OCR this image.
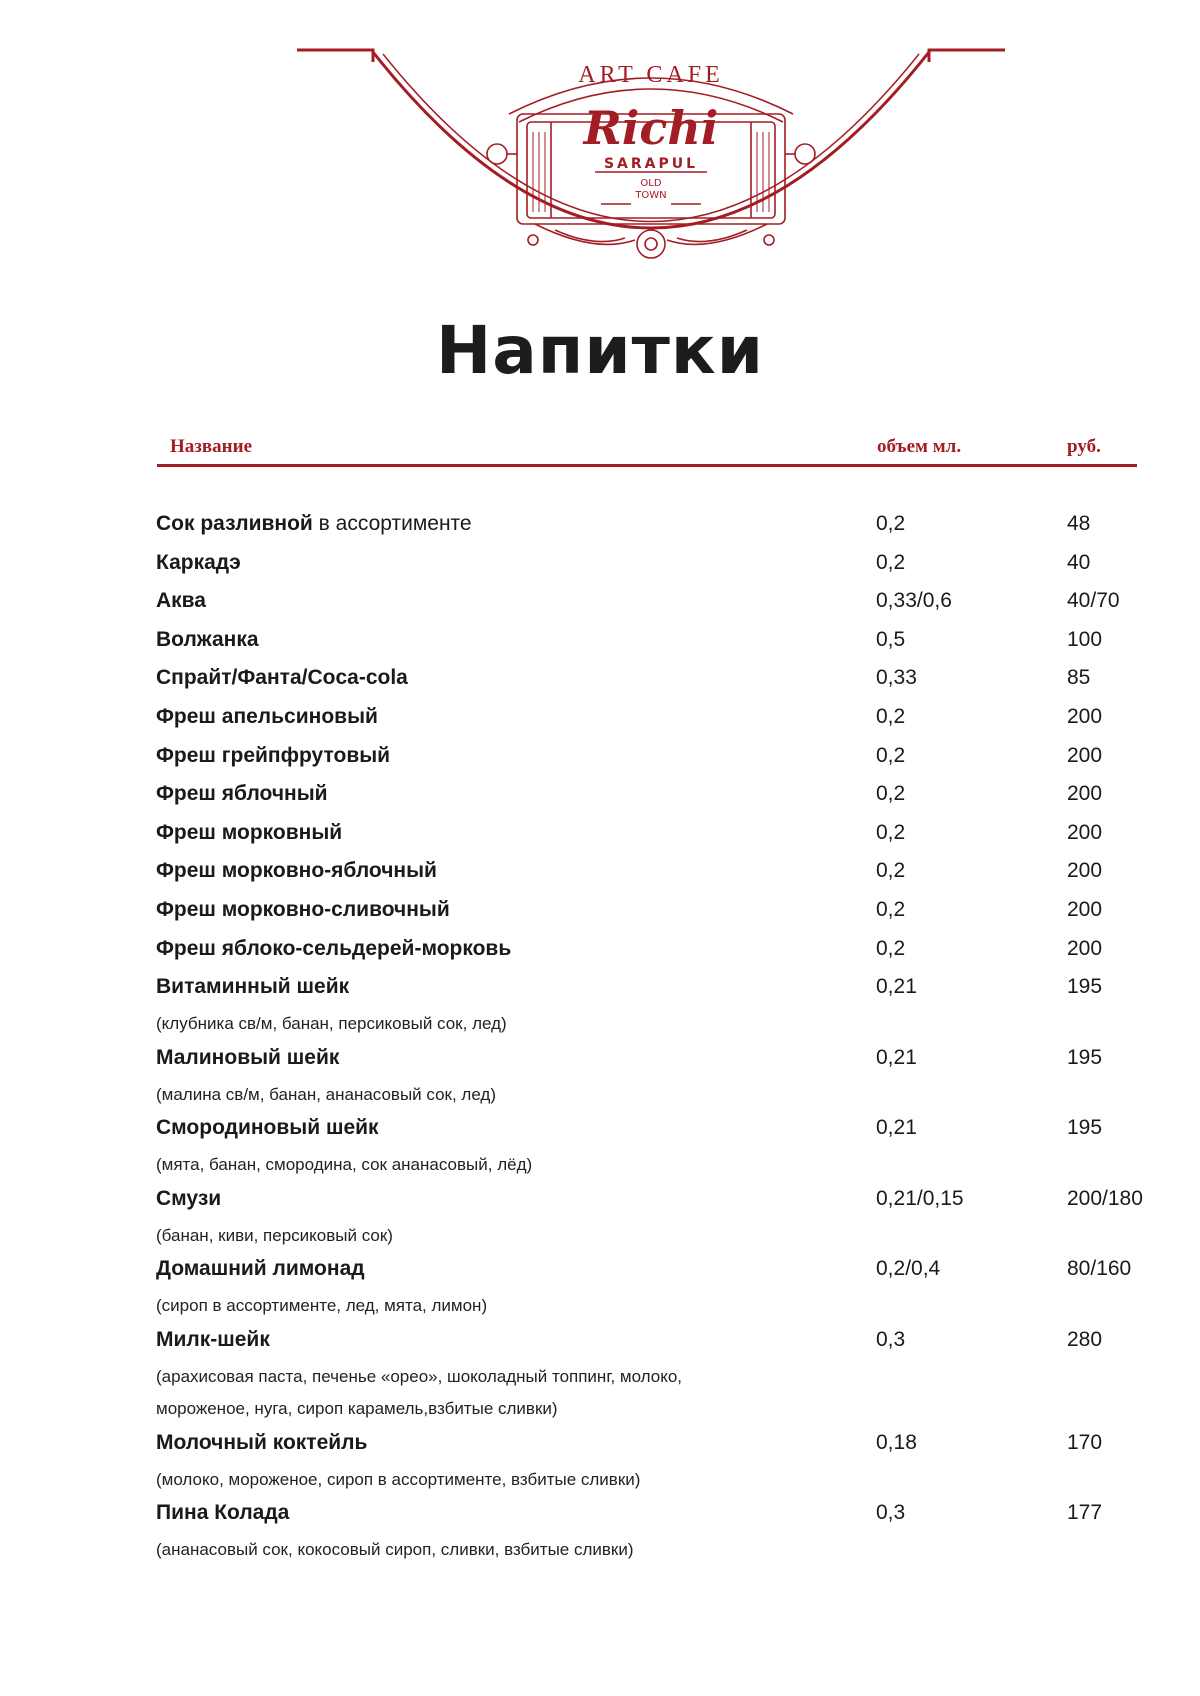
ART CAFE
Richi
SARAPUL
OLD
TOWN
Напитки
Название	объем мл.	руб.
Сок разливной в ассортименте	0,2	48
Каркадэ	0,2	40
Аква	0,33/0,6	40/70
Волжанка	0,5	100
Спрайт/Фанта/Coca-cola	0,33	85
Фреш апельсиновый	0,2	200
Фреш грейпфрутовый	0,2	200
Фреш яблочный	0,2	200
Фреш морковный	0,2	200
Фреш морковно-яблочный	0,2	200
Фреш морковно-сливочный	0,2	200
Фреш яблоко-сельдерей-морковь	0,2	200
Витаминный шейк	0,21	195
(клубника св/м, банан, персиковый сок, лед)
Малиновый шейк	0,21	195
(малина св/м, банан, ананасовый сок, лед)
Смородиновый шейк	0,21	195
(мята, банан, смородина, сок ананасовый, лёд)
Смузи	0,21/0,15	200/180
(банан, киви, персиковый сок)
Домашний лимонад	0,2/0,4	80/160
(сироп в ассортименте, лед, мята, лимон)
Милк-шейк	0,3	280
(арахисовая паста, печенье «орео», шоколадный топпинг, молоко,
мороженое, нуга, сироп карамель,взбитые сливки)
Молочный коктейль	0,18	170
(молоко, мороженое, сироп в ассортименте, взбитые сливки)
Пина Колада	0,3	177
(ананасовый сок, кокосовый сироп, сливки, взбитые сливки)
